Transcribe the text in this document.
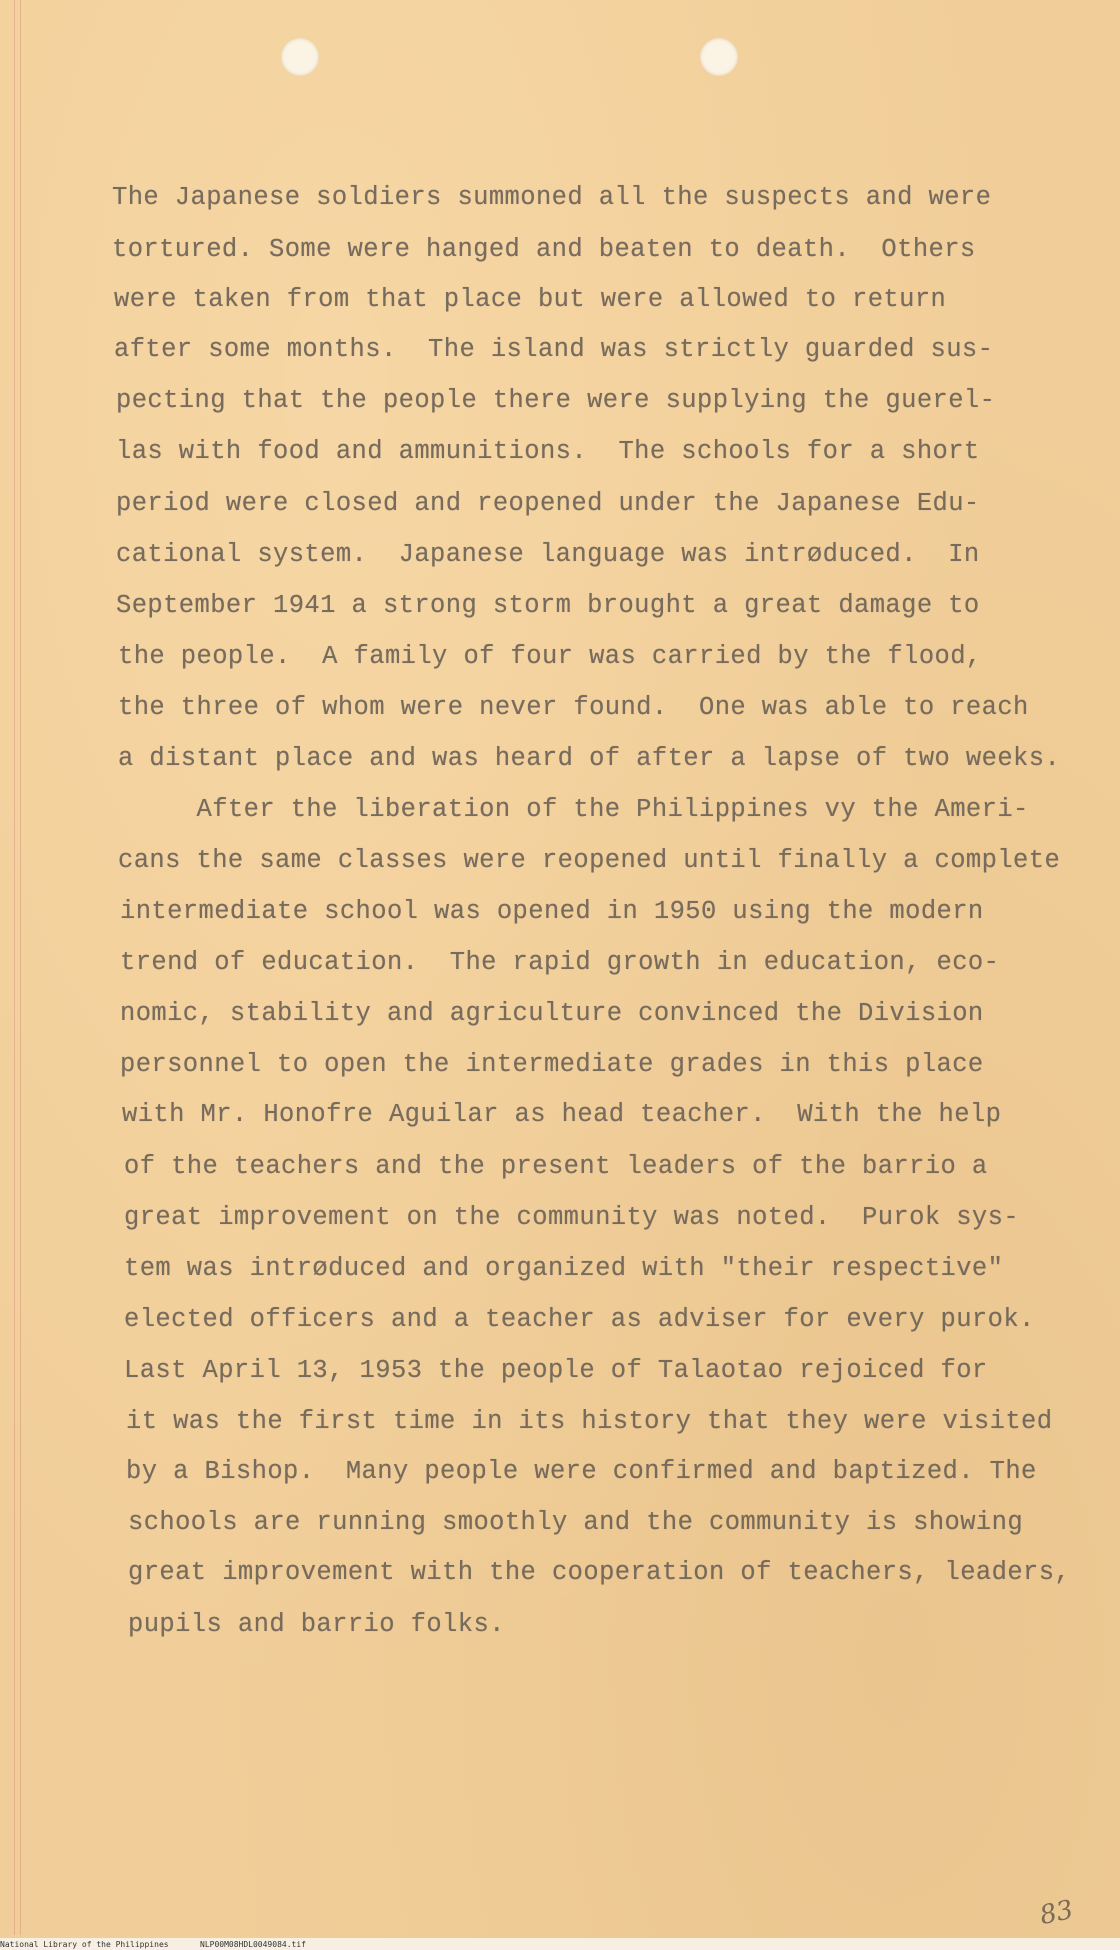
The Japanese soldiers summoned all the suspects and were
tortured. Some were hanged and beaten to death.  Others
were taken from that place but were allowed to return
after some months.  The island was strictly guarded sus-
pecting that the people there were supplying the guerel-
las with food and ammunitions.  The schools for a short
period were closed and reopened under the Japanese Edu-
cational system.  Japanese language was intrøduced.  In
September 1941 a strong storm brought a great damage to
the people.  A family of four was carried by the flood,
the three of whom were never found.  One was able to reach
a distant place and was heard of after a lapse of two weeks.
After the liberation of the Philippines vy the Ameri-
cans the same classes were reopened until finally a complete
intermediate school was opened in 1950 using the modern
trend of education.  The rapid growth in education, eco-
nomic, stability and agriculture convinced the Division
personnel to open the intermediate grades in this place
with Mr. Honofre Aguilar as head teacher.  With the help
of the teachers and the present leaders of the barrio a
great improvement on the community was noted.  Purok sys-
tem was intrøduced and organized with "their respective"
elected officers and a teacher as adviser for every purok.
Last April 13, 1953 the people of Talaotao rejoiced for
it was the first time in its history that they were visited
by a Bishop.  Many people were confirmed and baptized. The
schools are running smoothly and the community is showing
great improvement with the cooperation of teachers, leaders,
pupils and barrio folks.
83
National Library of the Philippines	NLP00M08HDL0049084.tif
